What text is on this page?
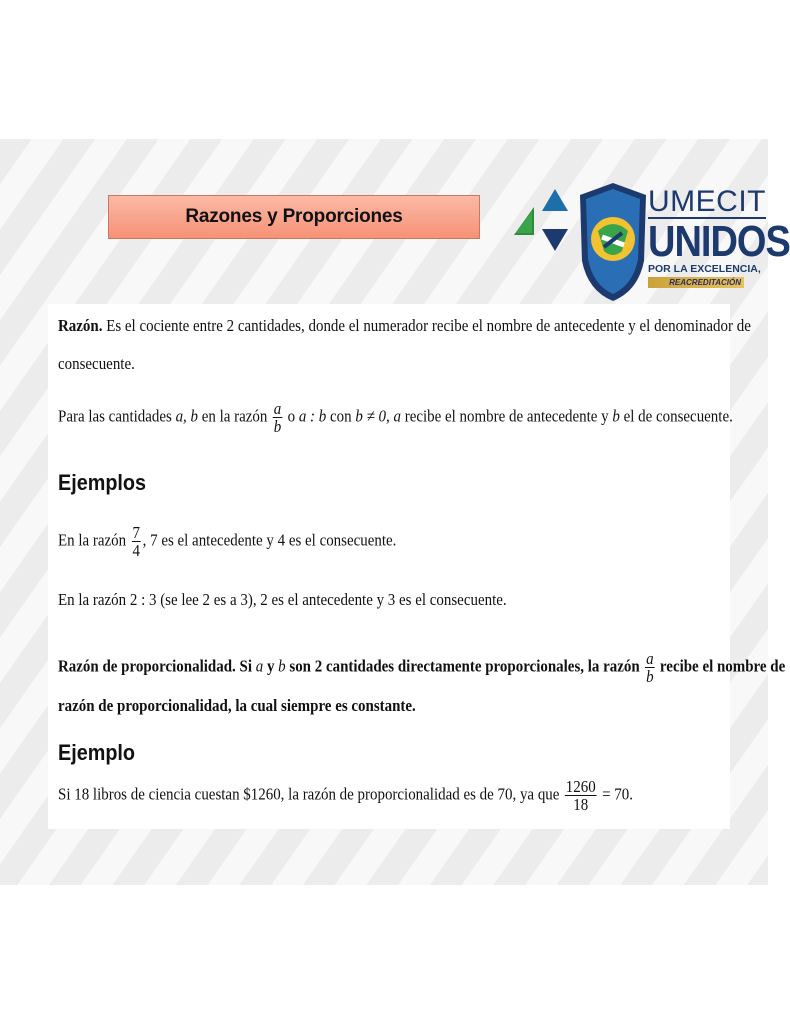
Razones y Proporciones	UMECIT
UNIDOS
POR LA EXCELENCIA,
REACREDITACIÓN
Razón. Es el cociente entre 2 cantidades, donde el numerador recibe el nombre de antecedente y el denominador de
consecuente.
Para las cantidades a, b en la razón $\frac{a}{b}$ o a : b con b ≠ 0, a recibe el nombre de antecedente y b el de consecuente.
Ejemplos
En la razón $\frac{7}{4}$ , 7 es el antecedente y 4 es el consecuente.
En la razón 2 : 3 (se lee 2 es a 3), 2 es el antecedente y 3 es el consecuente.
Razón de proporcionalidad. Si a y b son 2 cantidades directamente proporcionales, la razón $\frac{a}{b}$ recibe el nombre de
razón de proporcionalidad, la cual siempre es constante.
Ejemplo
Si 18 libros de ciencia cuestan $1260, la razón de proporcionalidad es de 70, ya que $\frac{1260}{18} = 70$.
